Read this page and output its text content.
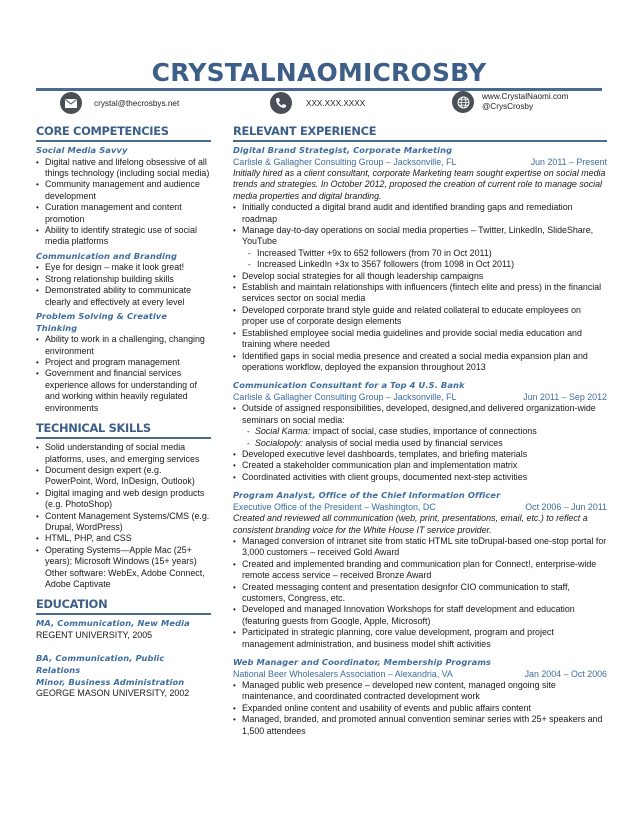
CRYSTALNAOMICROSBY
crystal@thecrosbys.net	XXX.XXX.XXXX
www.CrystalNaomi.com
@CrysCrosby
CORE COMPETENCIES
Social Media Savvy
• Digital native and lifelong obsessive of all things technology (including social media)
• Community management and audience development
• Curation management and content promotion
• Ability to identify strategic use of social media platforms
Communication and Branding
• Eye for design – make it look great!
• Strong relationship building skills
• Demonstrated ability to communicate clearly and effectively at every level
Problem Solving & Creative Thinking
• Ability to work in a challenging, changing environment
• Project and program management
• Government and financial services experience allows for understanding of and working within heavily regulated environments
TECHNICAL SKILLS
• Solid understanding of social media platforms, uses, and emerging services
• Document design expert (e.g. PowerPoint, Word, InDesign, Outlook)
• Digital imaging and web design products (e.g. PhotoShop)
• Content Management Systems/CMS (e.g. Drupal, WordPress)
• HTML, PHP, and CSS
• Operating Systems—Apple Mac (25+ years); Microsoft Windows (15+ years) Other software: WebEx, Adobe Connect, Adobe Captivate
EDUCATION
MA, Communication, New Media
REGENT UNIVERSITY, 2005
BA, Communication, Public Relations
Minor, Business Administration
GEORGE MASON UNIVERSITY, 2002
RELEVANT EXPERIENCE
Digital Brand Strategist, Corporate Marketing
Carlisle & Gallagher Consulting Group – Jacksonville, FL	Jun 2011 – Present
Initially hired as a client consultant, corporate Marketing team sought expertise on social media trends and strategies. In October 2012, proposed the creation of current role to manage social media properties and digital branding.
• Initially conducted a digital brand audit and identified branding gaps and remediation roadmap
• Manage day-to-day operations on social media properties – Twitter, LinkedIn, SlideShare, YouTube
- Increased Twitter +9x to 652 followers (from 70 in Oct 2011)
- Increased LinkedIn +3x to 3567 followers (from 1098 in Oct 2011)
• Develop social strategies for all though leadership campaigns
• Establish and maintain relationships with influencers (fintech elite and press) in the financial services sector on social media
• Developed corporate brand style guide and related collateral to educate employees on proper use of corporate design elements
• Established employee social media guidelines and provide social media education and training where needed
• Identified gaps in social media presence and created a social media expansion plan and operations workflow, deployed the expansion throughout 2013
Communication Consultant for a Top 4 U.S. Bank
Carlisle & Gallagher Consulting Group – Jacksonville, FL	Jun 2011 – Sep 2012
• Outside of assigned responsibilities, developed, designed,and delivered organization-wide seminars on social media:
- Social Karma: impact of social, case studies, importance of connections
- Socialopoly: analysis of social media used by financial services
• Developed executive level dashboards, templates, and briefing materials
• Created a stakeholder communication plan and implementation matrix
• Coordinated activities with client groups, documented next-step activities
Program Analyst, Office of the Chief Information Officer
Executive Office of the President – Washington, DC	Oct 2006 – Jun 2011
Created and reviewed all communication (web, print, presentations, email, etc.) to reflect a consistent branding voice for the White House IT service provider.
• Managed conversion of intranet site from static HTML site toDrupal-based one-stop portal for 3,000 customers – received Gold Award
• Created and implemented branding and communication plan for Connect!, enterprise-wide remote access service – received Bronze Award
• Created messaging content and presentation designfor CIO communication to staff, customers, Congress, etc.
• Developed and managed Innovation Workshops for staff development and education (featuring guests from Google, Apple, Microsoft)
• Participated in strategic planning, core value development, program and project management administration, and business model shift activities
Web Manager and Coordinator, Membership Programs
National Beer Wholesalers Association – Alexandria, VA	Jan 2004 – Oct 2006
• Managed public web presence – developed new content, managed ongoing site maintenance, and coordinated contracted development work
• Expanded online content and usability of events and public affairs content
• Managed, branded, and promoted annual convention seminar series with 25+ speakers and 1,500 attendees
